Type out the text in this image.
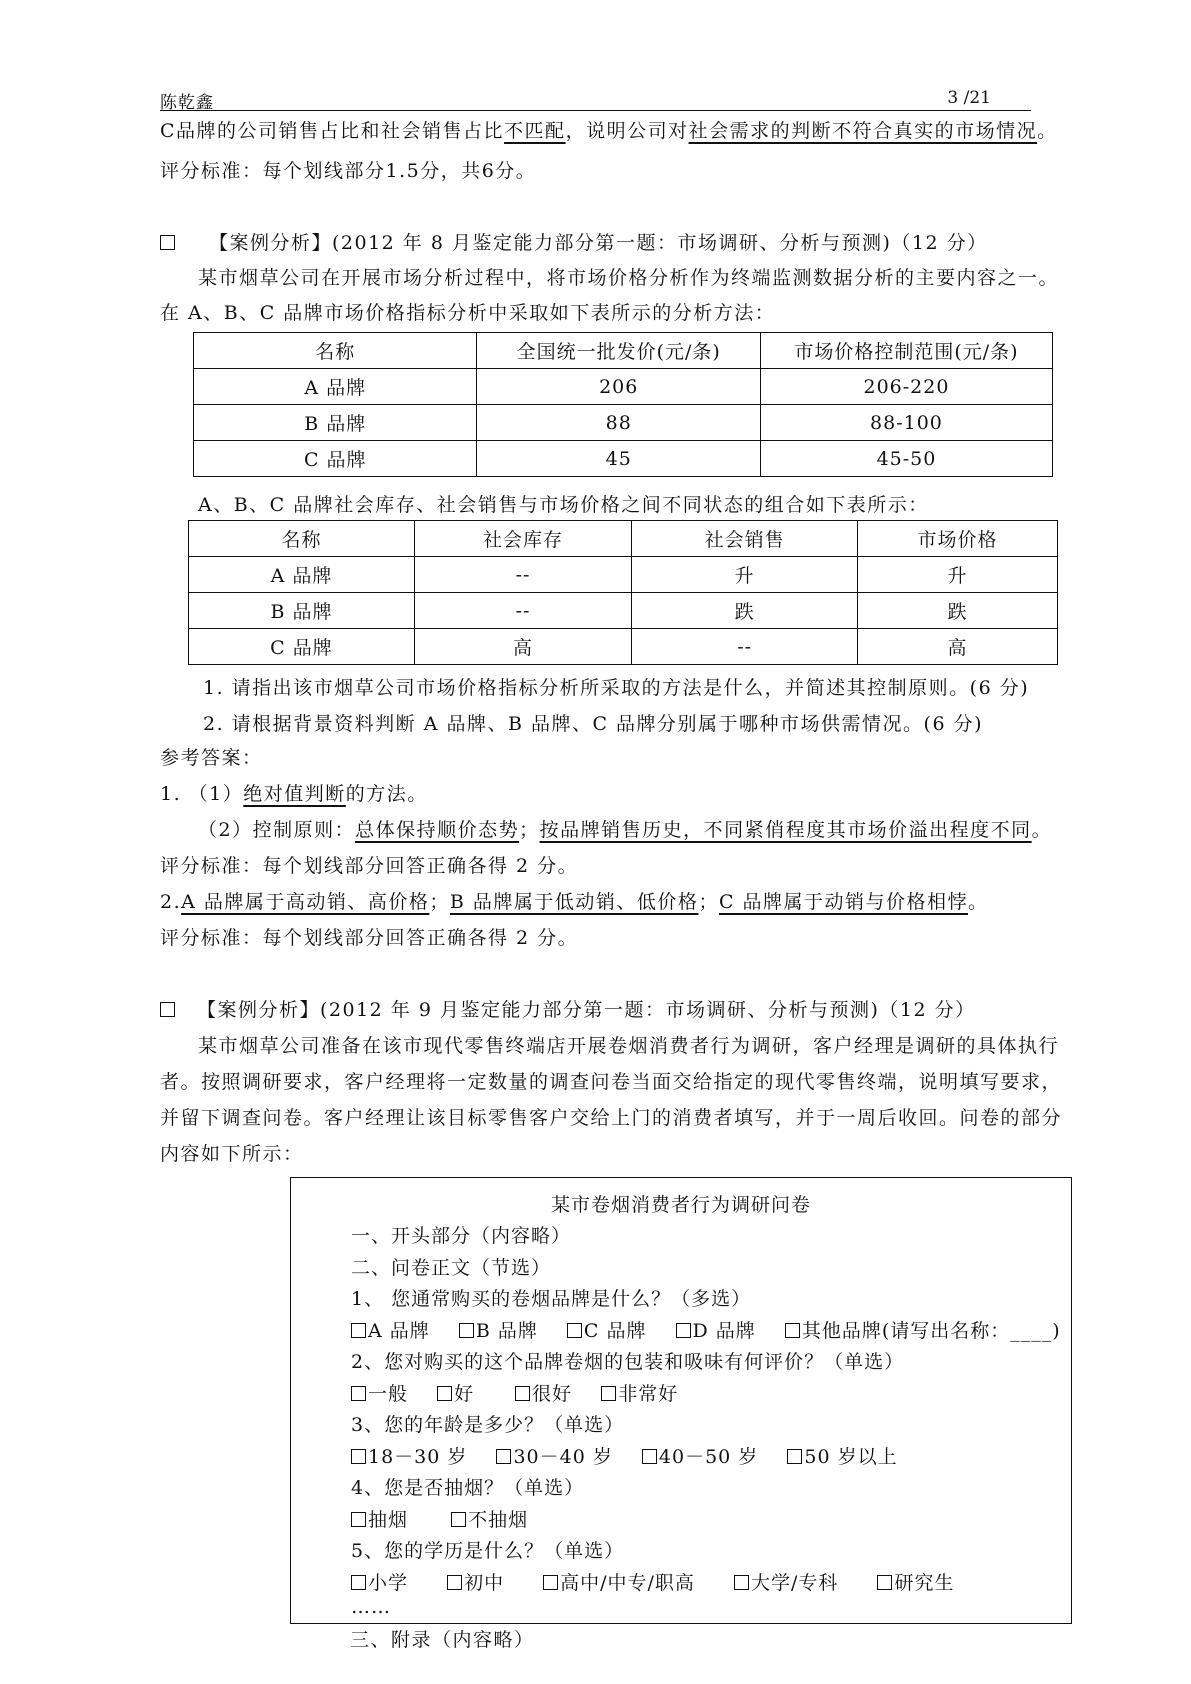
陈乾鑫	3 /21
C品牌的公司销售占比和社会销售占比不匹配，说明公司对社会需求的判断不符合真实的市场情况。
评分标准：每个划线部分1.5分，共6分。
【案例分析】(2012 年 8 月鉴定能力部分第一题：市场调研、分析与预测)（12 分）
某市烟草公司在开展市场分析过程中，将市场价格分析作为终端监测数据分析的主要内容之一。
在 A、B、C 品牌市场价格指标分析中采取如下表所示的分析方法：
名称	全国统一批发价(元/条)	市场价格控制范围(元/条)
A 品牌	206	206-220
B 品牌	88	88-100
C 品牌	45	45-50
A、B、C 品牌社会库存、社会销售与市场价格之间不同状态的组合如下表所示：
名称	社会库存	社会销售	市场价格
A 品牌	--	升	升
B 品牌	--	跌	跌
C 品牌	高	--	高
1. 请指出该市烟草公司市场价格指标分析所采取的方法是什么，并简述其控制原则。(6 分)
2. 请根据背景资料判断 A 品牌、B 品牌、C 品牌分别属于哪种市场供需情况。(6 分)
参考答案：
1. （1）绝对值判断的方法。
（2）控制原则：总体保持顺价态势；按品牌销售历史，不同紧俏程度其市场价溢出程度不同。
评分标准：每个划线部分回答正确各得 2 分。
2.A 品牌属于高动销、高价格；B 品牌属于低动销、低价格；C 品牌属于动销与价格相悖。
评分标准：每个划线部分回答正确各得 2 分。
【案例分析】(2012 年 9 月鉴定能力部分第一题：市场调研、分析与预测)（12 分）
某市烟草公司准备在该市现代零售终端店开展卷烟消费者行为调研，客户经理是调研的具体执行
者。按照调研要求，客户经理将一定数量的调查问卷当面交给指定的现代零售终端，说明填写要求，
并留下调查问卷。客户经理让该目标零售客户交给上门的消费者填写，并于一周后收回。问卷的部分
内容如下所示：
某市卷烟消费者行为调研问卷
一、开头部分（内容略）
二、问卷正文（节选）
1、 您通常购买的卷烟品牌是什么？（多选）
A 品牌 B 品牌 C 品牌 D 品牌 其他品牌(请写出名称：____)
2、您对购买的这个品牌卷烟的包装和吸味有何评价？（单选）
一般 好	很好 非常好
3、您的年龄是多少？（单选）
18－30 岁 30－40 岁 40－50 岁 50 岁以上
4、您是否抽烟？（单选）
抽烟	不抽烟
5、您的学历是什么？（单选）
小学	初中	高中/中专/职高	大学/专科	研究生
……
三、附录（内容略）
